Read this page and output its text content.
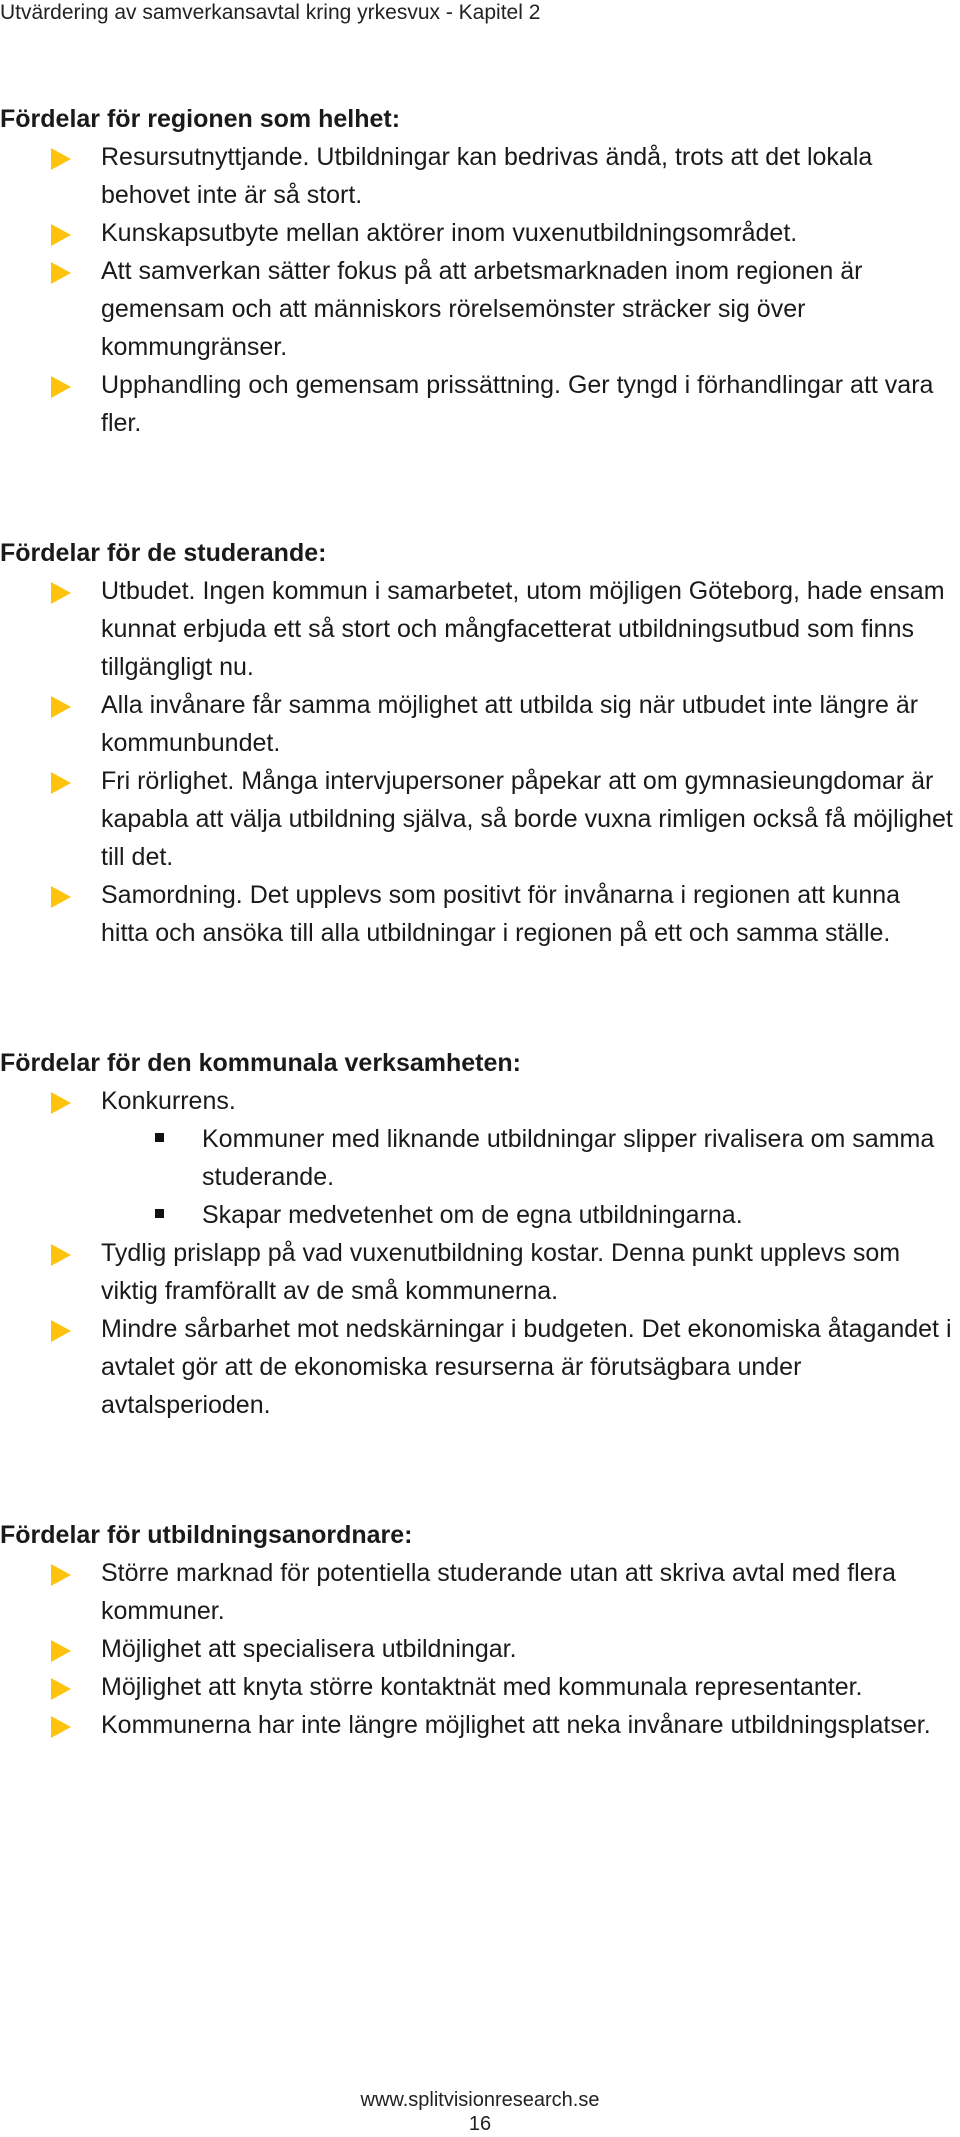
Utvärdering av samverkansavtal kring yrkesvux - Kapitel 2
Fördelar för regionen som helhet:
Resursutnyttjande. Utbildningar kan bedrivas ändå, trots att det lokala behovet inte är så stort.
Kunskapsutbyte mellan aktörer inom vuxenutbildningsområdet.
Att samverkan sätter fokus på att arbetsmarknaden inom regionen är gemensam och att människors rörelsemönster sträcker sig över kommungränser.
Upphandling och gemensam prissättning. Ger tyngd i förhandlingar att vara fler.
Fördelar för de studerande:
Utbudet. Ingen kommun i samarbetet, utom möjligen Göteborg, hade ensam kunnat erbjuda ett så stort och mångfacetterat utbildningsutbud som finns tillgängligt nu.
Alla invånare får samma möjlighet att utbilda sig när utbudet inte längre är kommunbundet.
Fri rörlighet. Många intervjupersoner påpekar att om gymnasieungdomar är kapabla att välja utbildning själva, så borde vuxna rimligen också få möjlighet till det.
Samordning. Det upplevs som positivt för invånarna i regionen att kunna hitta och ansöka till alla utbildningar i regionen på ett och samma ställe.
Fördelar för den kommunala verksamheten:
Konkurrens.
Kommuner med liknande utbildningar slipper rivalisera om samma studerande.
Skapar medvetenhet om de egna utbildningarna.
Tydlig prislapp på vad vuxenutbildning kostar. Denna punkt upplevs som viktig framförallt av de små kommunerna.
Mindre sårbarhet mot nedskärningar i budgeten. Det ekonomiska åtagandet i avtalet gör att de ekonomiska resurserna är förutsägbara under avtalsperioden.
Fördelar för utbildningsanordnare:
Större marknad för potentiella studerande utan att skriva avtal med flera kommuner.
Möjlighet att specialisera utbildningar.
Möjlighet att knyta större kontaktnät med kommunala representanter.
Kommunerna har inte längre möjlighet att neka invånare utbildningsplatser.
www.splitvisionresearch.se
16
